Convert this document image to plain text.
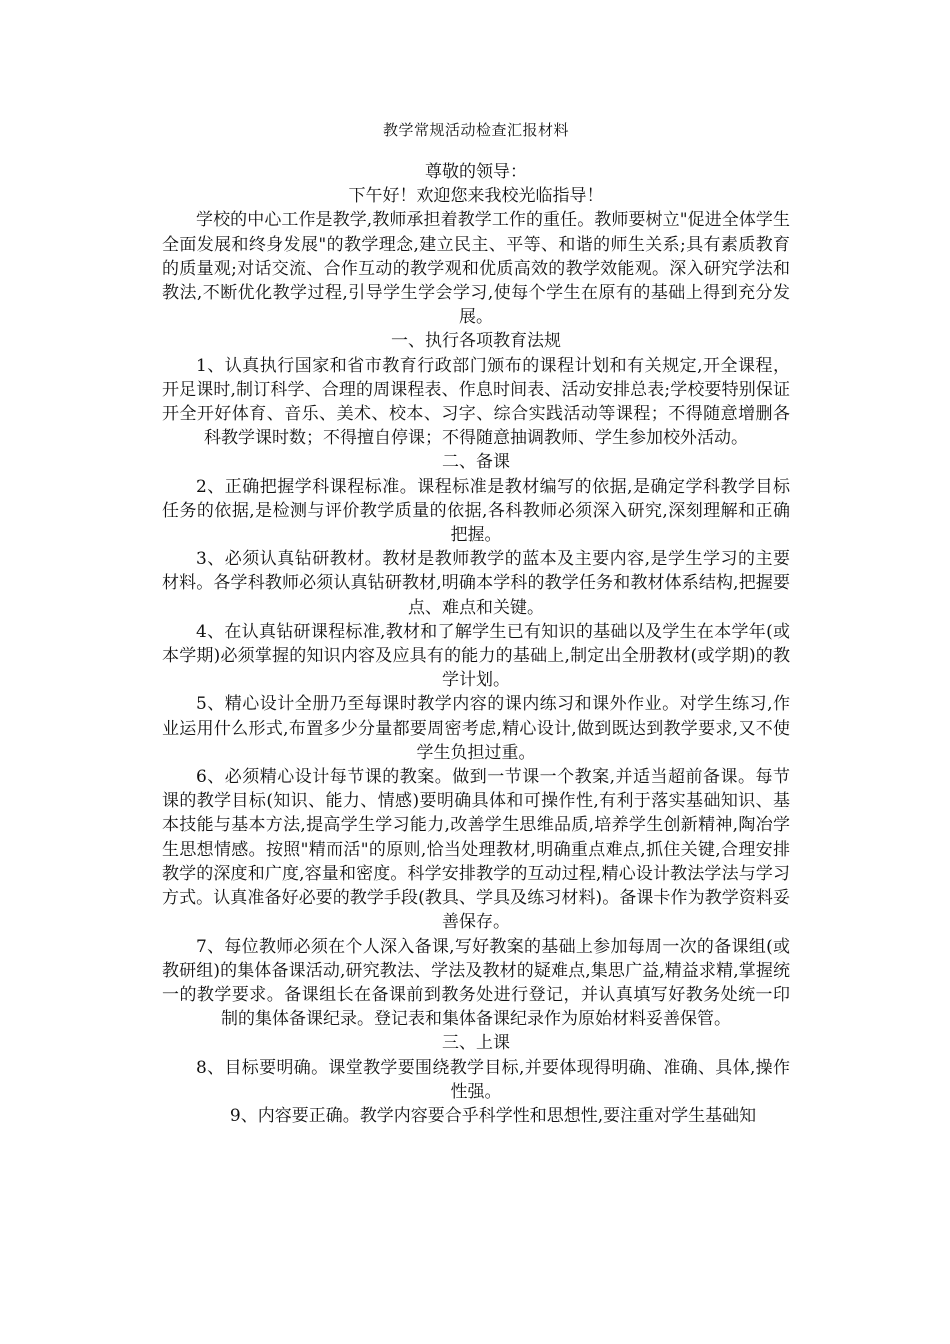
教学常规活动检查汇报材料
尊敬的领导：
下午好！欢迎您来我校光临指导！
学校的中心工作是教学,教师承担着教学工作的重任。教师要树立"促进全体学生全面发展和终身发展"的教学理念,建立民主、平等、和谐的师生关系;具有素质教育的质量观;对话交流、合作互动的教学观和优质高效的教学效能观。深入研究学法和教法,不断优化教学过程,引导学生学会学习,使每个学生在原有的基础上得到充分发展。
一、执行各项教育法规
1、认真执行国家和省市教育行政部门颁布的课程计划和有关规定,开全课程，开足课时,制订科学、合理的周课程表、作息时间表、活动安排总表;学校要特别保证开全开好体育、音乐、美术、校本、习字、综合实践活动等课程；不得随意增删各科教学课时数；不得擅自停课；不得随意抽调教师、学生参加校外活动。
二、备课
2、正确把握学科课程标准。课程标准是教材编写的依据,是确定学科教学目标任务的依据,是检测与评价教学质量的依据,各科教师必须深入研究,深刻理解和正确把握。
3、必须认真钻研教材。教材是教师教学的蓝本及主要内容,是学生学习的主要材料。各学科教师必须认真钻研教材,明确本学科的教学任务和教材体系结构,把握要点、难点和关键。
4、在认真钻研课程标准,教材和了解学生已有知识的基础以及学生在本学年(或本学期)必须掌握的知识内容及应具有的能力的基础上,制定出全册教材(或学期)的教学计划。
5、精心设计全册乃至每课时教学内容的课内练习和课外作业。对学生练习,作业运用什么形式,布置多少分量都要周密考虑,精心设计,做到既达到教学要求,又不使学生负担过重。
6、必须精心设计每节课的教案。做到一节课一个教案,并适当超前备课。每节课的教学目标(知识、能力、情感)要明确具体和可操作性,有利于落实基础知识、基本技能与基本方法,提高学生学习能力,改善学生思维品质,培养学生创新精神,陶冶学生思想情感。按照"精而活"的原则,恰当处理教材,明确重点难点,抓住关键,合理安排教学的深度和广度,容量和密度。科学安排教学的互动过程,精心设计教法学法与学习方式。认真准备好必要的教学手段(教具、学具及练习材料)。备课卡作为教学资料妥善保存。
7、每位教师必须在个人深入备课,写好教案的基础上参加每周一次的备课组(或教研组)的集体备课活动,研究教法、学法及教材的疑难点,集思广益,精益求精,掌握统一的教学要求。备课组长在备课前到教务处进行登记，并认真填写好教务处统一印制的集体备课纪录。登记表和集体备课纪录作为原始材料妥善保管。
三、上课
8、目标要明确。课堂教学要围绕教学目标,并要体现得明确、准确、具体,操作性强。
9、内容要正确。教学内容要合乎科学性和思想性,要注重对学生基础知
